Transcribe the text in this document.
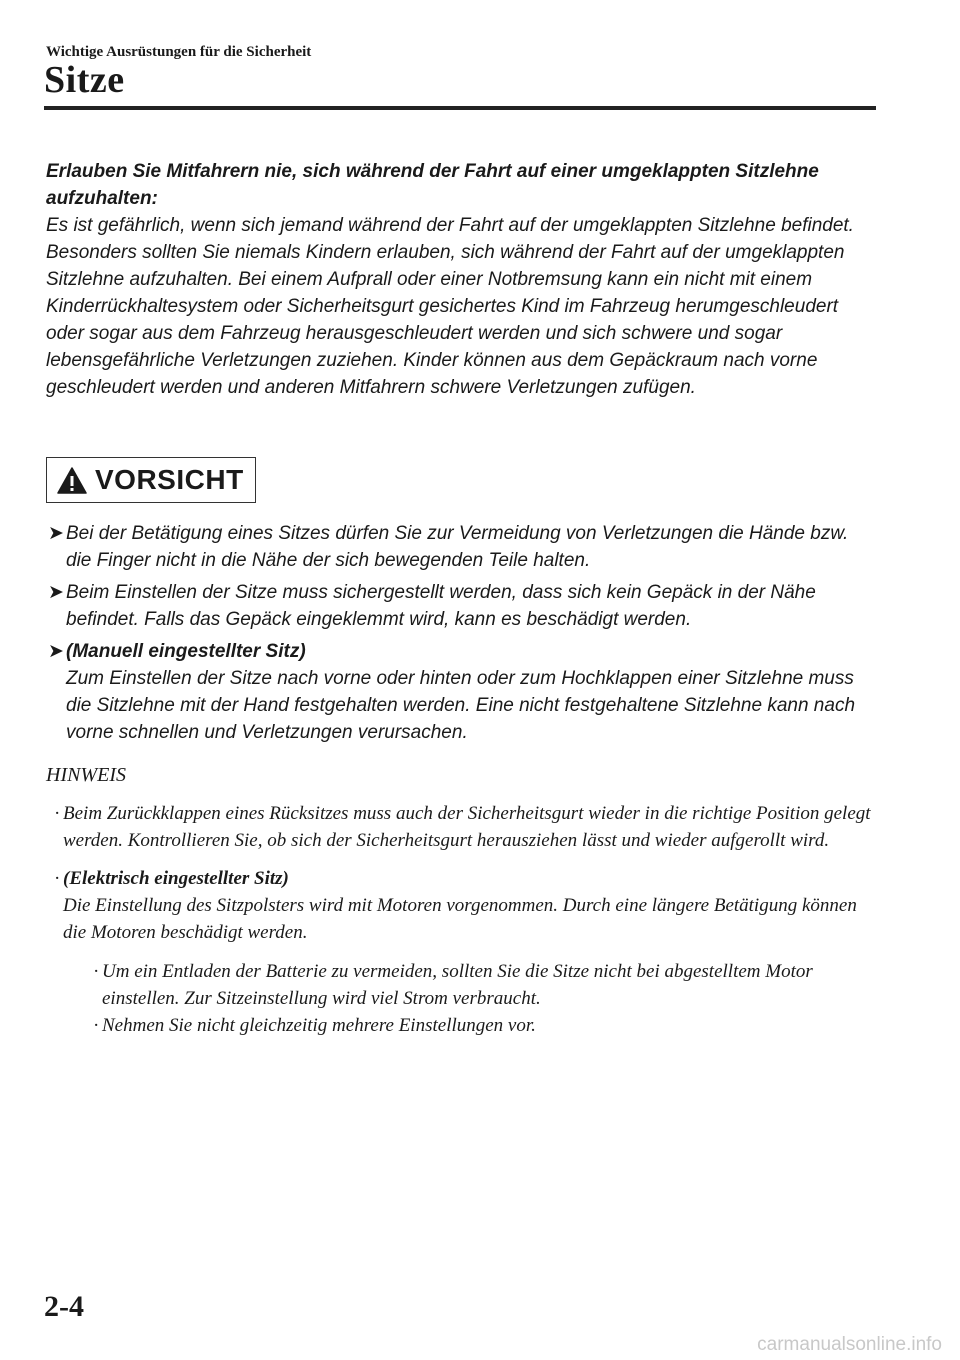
Wichtige Ausrüstungen für die Sicherheit
Sitze
Erlauben Sie Mitfahrern nie, sich während der Fahrt auf einer umgeklappten Sitzlehne aufzuhalten:
Es ist gefährlich, wenn sich jemand während der Fahrt auf der umgeklappten Sitzlehne befindet. Besonders sollten Sie niemals Kindern erlauben, sich während der Fahrt auf der umgeklappten Sitzlehne aufzuhalten. Bei einem Aufprall oder einer Notbremsung kann ein nicht mit einem Kinderrückhaltesystem oder Sicherheitsgurt gesichertes Kind im Fahrzeug herumgeschleudert oder sogar aus dem Fahrzeug herausgeschleudert werden und sich schwere und sogar lebensgefährliche Verletzungen zuziehen. Kinder können aus dem Gepäckraum nach vorne geschleudert werden und anderen Mitfahrern schwere Verletzungen zufügen.
VORSICHT
➤ Bei der Betätigung eines Sitzes dürfen Sie zur Vermeidung von Verletzungen die Hände bzw. die Finger nicht in die Nähe der sich bewegenden Teile halten.
➤ Beim Einstellen der Sitze muss sichergestellt werden, dass sich kein Gepäck in der Nähe befindet. Falls das Gepäck eingeklemmt wird, kann es beschädigt werden.
➤ (Manuell eingestellter Sitz)
Zum Einstellen der Sitze nach vorne oder hinten oder zum Hochklappen einer Sitzlehne muss die Sitzlehne mit der Hand festgehalten werden. Eine nicht festgehaltene Sitzlehne kann nach vorne schnellen und Verletzungen verursachen.
HINWEIS
· Beim Zurückklappen eines Rücksitzes muss auch der Sicherheitsgurt wieder in die richtige Position gelegt werden. Kontrollieren Sie, ob sich der Sicherheitsgurt herausziehen lässt und wieder aufgerollt wird.
· (Elektrisch eingestellter Sitz)
Die Einstellung des Sitzpolsters wird mit Motoren vorgenommen. Durch eine längere Betätigung können die Motoren beschädigt werden.
· Um ein Entladen der Batterie zu vermeiden, sollten Sie die Sitze nicht bei abgestelltem Motor einstellen. Zur Sitzeinstellung wird viel Strom verbraucht.
· Nehmen Sie nicht gleichzeitig mehrere Einstellungen vor.
2-4
carmanualsonline.info
